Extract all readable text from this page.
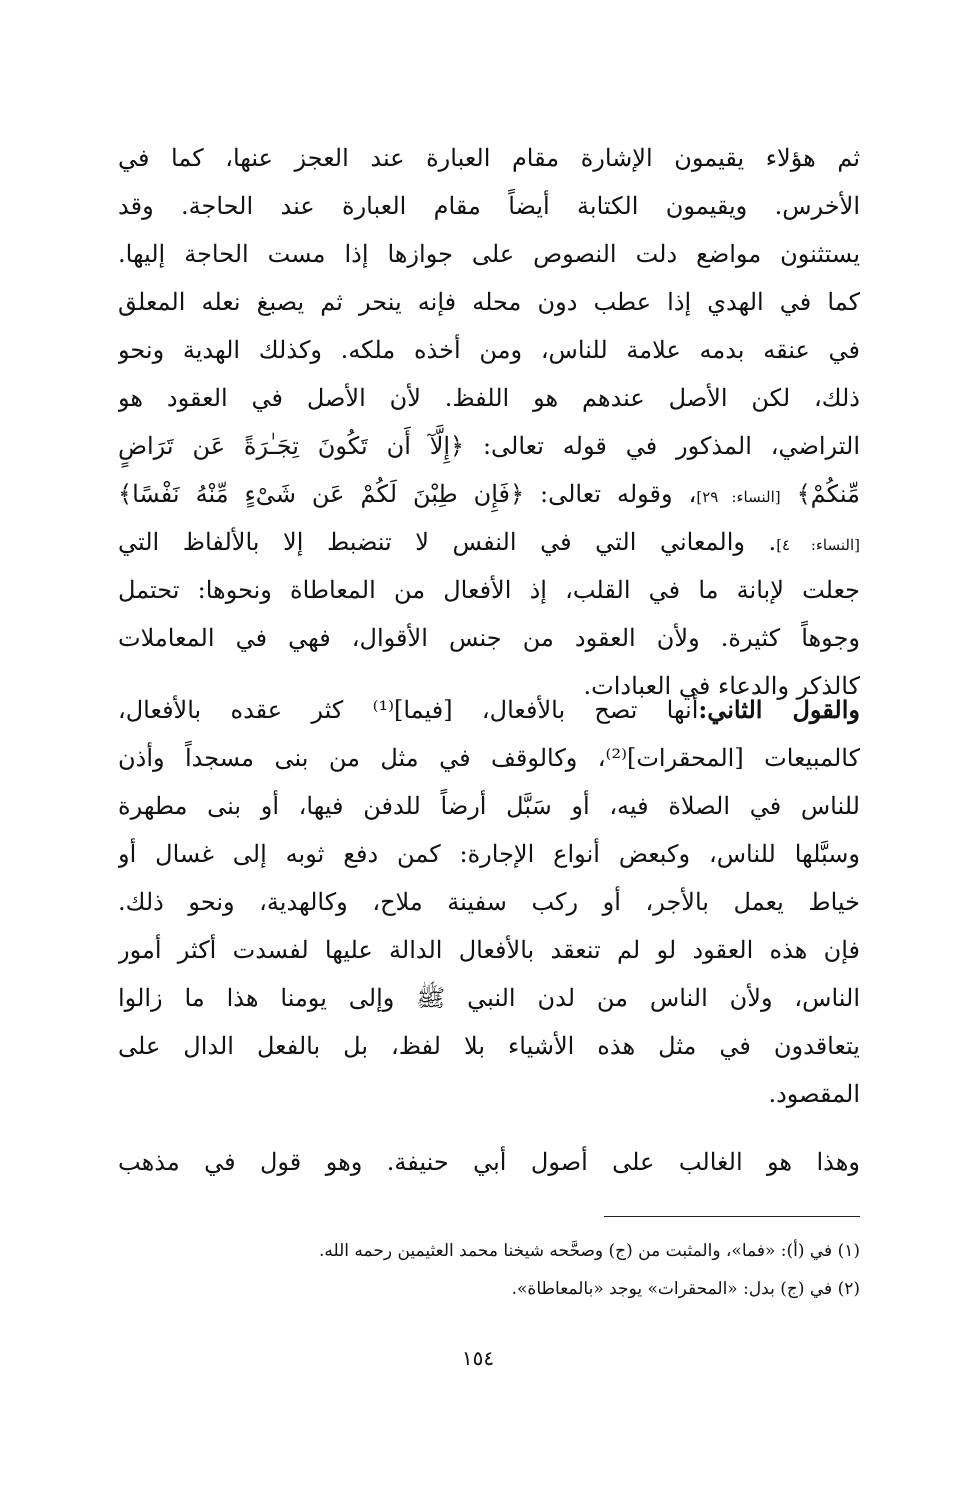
ثم هؤلاء يقيمون الإشارة مقام العبارة عند العجز عنها، كما في
الأخرس. ويقيمون الكتابة أيضاً مقام العبارة عند الحاجة. وقد
يستثنون مواضع دلت النصوص على جوازها إذا مست الحاجة إليها.
كما في الهدي إذا عطب دون محله فإنه ينحر ثم يصبغ نعله المعلق
في عنقه بدمه علامة للناس، ومن أخذه ملكه. وكذلك الهدية ونحو
ذلك، لكن الأصل عندهم هو اللفظ. لأن الأصل في العقود هو
التراضي، المذكور في قوله تعالى: ﴿إِلَّآ أَن تَكُونَ تِجَـٰرَةً عَن تَرَاضٍ
مِّنكُمْ﴾ [النساء: ٢٩]، وقوله تعالى: ﴿فَإِن طِبْنَ لَكُمْ عَن شَىْءٍ مِّنْهُ نَفْسًا﴾
[النساء: ٤]. والمعاني التي في النفس لا تنضبط إلا بالألفاظ التي
جعلت لإبانة ما في القلب، إذ الأفعال من المعاطاة ونحوها: تحتمل
وجوهاً كثيرة. ولأن العقود من جنس الأقوال، فهي في المعاملات
كالذكر والدعاء في العبادات.
والقول الثاني:أنها تصح بالأفعال، [فيما]⁽¹⁾ كثر عقده بالأفعال،
كالمبيعات [المحقرات]⁽²⁾، وكالوقف في مثل من بنى مسجداً وأذن
للناس في الصلاة فيه، أو سَبَّل أرضاً للدفن فيها، أو بنى مطهرة
وسبَّلها للناس، وكبعض أنواع الإجارة: كمن دفع ثوبه إلى غسال أو
خياط يعمل بالأجر، أو ركب سفينة ملاح، وكالهدية، ونحو ذلك.
فإن هذه العقود لو لم تنعقد بالأفعال الدالة عليها لفسدت أكثر أمور
الناس، ولأن الناس من لدن النبي ﷺ وإلى يومنا هذا ما زالوا
يتعاقدون في مثل هذه الأشياء بلا لفظ، بل بالفعل الدال على
المقصود.
وهذا هو الغالب على أصول أبي حنيفة. وهو قول في مذهب
(١) في (أ): «فما»، والمثبت من (ج) وصحَّحه شيخنا محمد العثيمين رحمه الله.
(٢) في (ج) بدل: «المحقرات» يوجد «بالمعاطاة».
١٥٤
